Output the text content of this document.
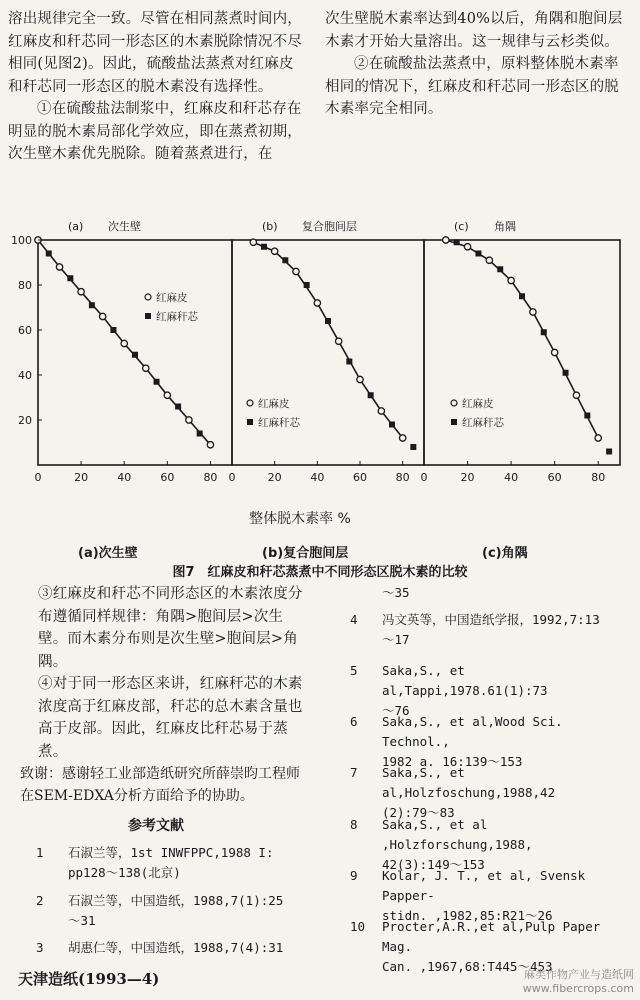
溶出规律完全一致。尽管在相同蒸煮时间内，红麻皮和秆芯同一形态区的木素脱除情况不尽相同(见图2)。因此，硫酸盐法蒸煮对红麻皮和秆芯同一形态区的脱木素没有选择性。

①在硫酸盐法制浆中，红麻皮和秆芯存在明显的脱木素局部化学效应，即在蒸煮初期，次生壁木素优先脱除。随着蒸煮进行，在

次生壁脱木素率达到40%以后，角隅和胞间层木素才开始大量溶出。这一规律与云杉类似。

②在硫酸盐法蒸煮中，原料整体脱木素率相同的情况下，红麻皮和秆芯同一形态区的脱木素率完全相同。

(a) 次生壁
0	20	40	60	80
红麻皮
红麻秆芯
(b) 复合胞间层
0	20	40	60	80
红麻皮
红麻秆芯
(c) 角隅
0	20	40	60	80
红麻皮
红麻秆芯
100
80
60
40
20
整体脱木素率 %
(a)次生壁	(b)复合胞间层	(c)角隅
图7　红麻皮和秆芯蒸煮中不同形态区脱木素的比较

③红麻皮和秆芯不同形态区的木素浓度分布遵循同样规律：角隅>胞间层>次生壁。而木素分布则是次生壁>胞间层>角隅。

④对于同一形态区来讲，红麻秆芯的木素浓度高于红麻皮部，秆芯的总木素含量也高于皮部。因此，红麻皮比秆芯易于蒸煮。

致谢：感谢轻工业部造纸研究所薛崇昀工程师在SEM-EDXA分析方面给予的协助。
参考文献
1 石淑兰等，1st INWFPPC,1988 I:
pp128～138(北京)
2 石淑兰等，中国造纸，1988,7(1):25
～31
3 胡惠仁等，中国造纸，1988,7(4):31
～35
4 冯文英等，中国造纸学报，1992,7:13
～17
5 Saka,S., et al,Tappi,1978.61(1):73
～76
6 Saka,S., et al,Wood Sci. Technol.,
1982 a. 16:139～153
7 Saka,S., et al,Holzfoschung,1988,42
(2):79～83
8 Saka,S., et al ,Holzforschung,1988,
42(3):149～153
9 Kolar, J. T., et al, Svensk Papper-
stidn. ,1982,85:R21～26
10 Procter,A.R.,et al,Pulp Paper Mag.
Can. ,1967,68:T445～453
天津造纸(1993—4)	麻类作物产业与造纸网
www.fibercrops.com
